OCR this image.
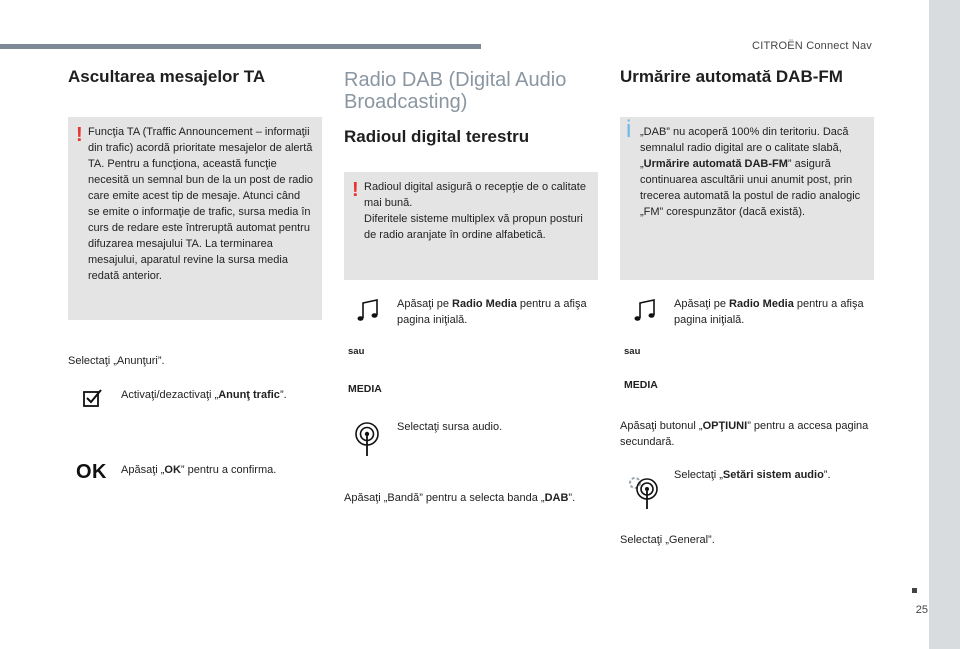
CITROËN Connect Nav
25
Ascultarea mesajelor TA
! Funcţia TA (Traffic Announcement – informaţii din trafic) acordă prioritate mesajelor de alertă TA. Pentru a funcţiona, această funcţie necesită un semnal bun de la un post de radio care emite acest tip de mesaje. Atunci când se emite o informaţie de trafic, sursa media în curs de redare este întreruptă automat pentru difuzarea mesajului TA. La terminarea mesajului, aparatul revine la sursa media redată anterior.
Selectaţi „Anunţuri”.
Activaţi/dezactivaţi „Anunţ trafic”.
OK Apăsaţi „OK” pentru a confirma.
Radio DAB (Digital Audio
Broadcasting)
Radioul digital terestru
! Radioul digital asigură o recepţie de o calitate mai bună.
Diferitele sisteme multiplex vă propun posturi de radio aranjate în ordine alfabetică.
Apăsaţi pe Radio Media pentru a afişa pagina iniţială.
sau
MEDIA
Selectaţi sursa audio.
Apăsaţi „Bandă” pentru a selecta banda „DAB”.
Urmărire automată DAB-FM
i „DAB” nu acoperă 100% din teritoriu. Dacă semnalul radio digital are o calitate slabă, „Urmărire automată DAB-FM” asigură continuarea ascultării unui anumit post, prin trecerea automată la postul de radio analogic „FM” corespunzător (dacă există).
Apăsaţi pe Radio Media pentru a afişa pagina iniţială.
sau
MEDIA
Apăsaţi butonul „OPŢIUNI” pentru a accesa pagina secundară.
Selectaţi „Setări sistem audio”.
Selectaţi „General”.
